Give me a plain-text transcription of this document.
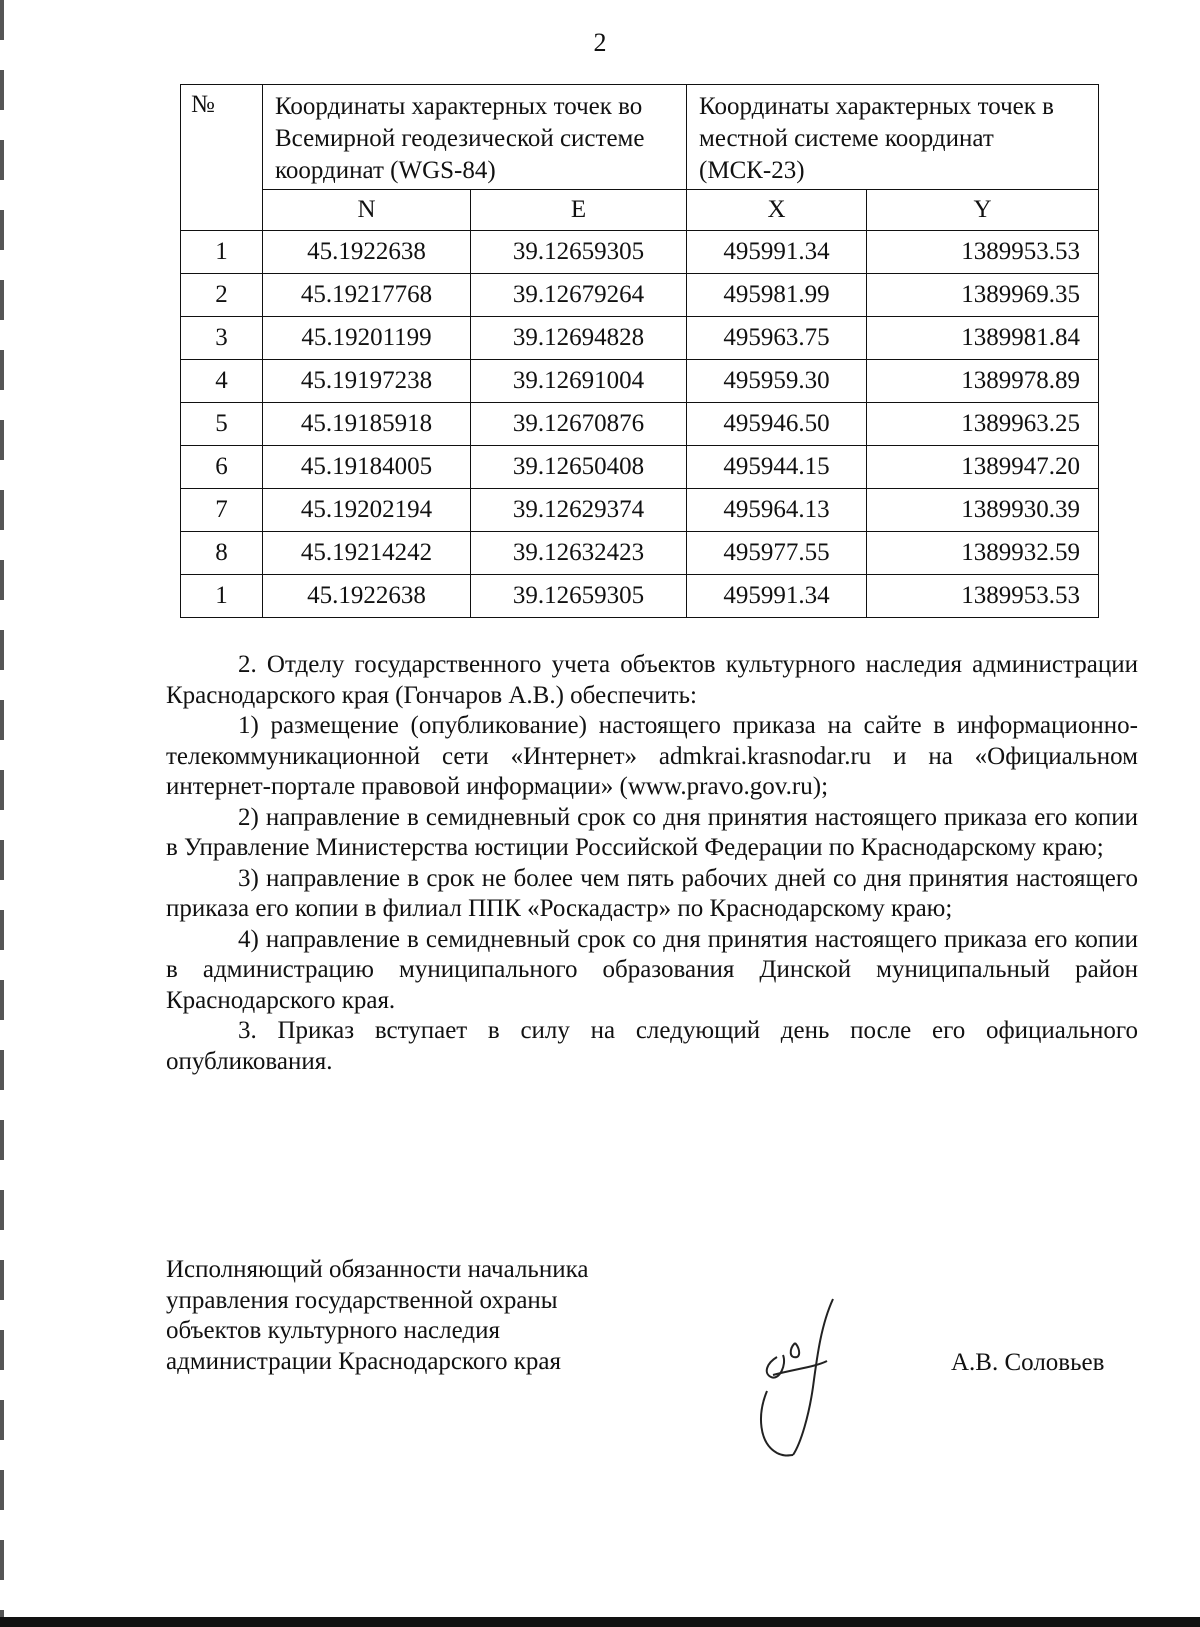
2
№	Координаты характерных точек во Всемирной геодезической системе координат (WGS-84)		Координаты характерных точек в местной системе координат (МСК-23)	
	N	E	X	Y
1	45.1922638	39.12659305	495991.34	1389953.53
2	45.19217768	39.12679264	495981.99	1389969.35
3	45.19201199	39.12694828	495963.75	1389981.84
4	45.19197238	39.12691004	495959.30	1389978.89
5	45.19185918	39.12670876	495946.50	1389963.25
6	45.19184005	39.12650408	495944.15	1389947.20
7	45.19202194	39.12629374	495964.13	1389930.39
8	45.19214242	39.12632423	495977.55	1389932.59
1	45.1922638	39.12659305	495991.34	1389953.53

2. Отделу государственного учета объектов культурного наследия администрации Краснодарского края (Гончаров А.В.) обеспечить:

1) размещение (опубликование) настоящего приказа на сайте в информационно-телекоммуникационной сети «Интернет» admkrai.krasnodar.ru и на «Официальном интернет-портале правовой информации» (www.pravo.gov.ru);

2) направление в семидневный срок со дня принятия настоящего приказа его копии в Управление Министерства юстиции Российской Федерации по Краснодарскому краю;

3) направление в срок не более чем пять рабочих дней со дня принятия настоящего приказа его копии в филиал ППК «Роскадастр» по Краснодарскому краю;

4) направление в семидневный срок со дня принятия настоящего приказа его копии в администрацию муниципального образования Динской муниципальный район Краснодарского края.

3. Приказ вступает в силу на следующий день после его официального опубликования.

Исполняющий обязанности начальника
управления государственной охраны
объектов культурного наследия
администрации Краснодарского края	А.В. Соловьев
